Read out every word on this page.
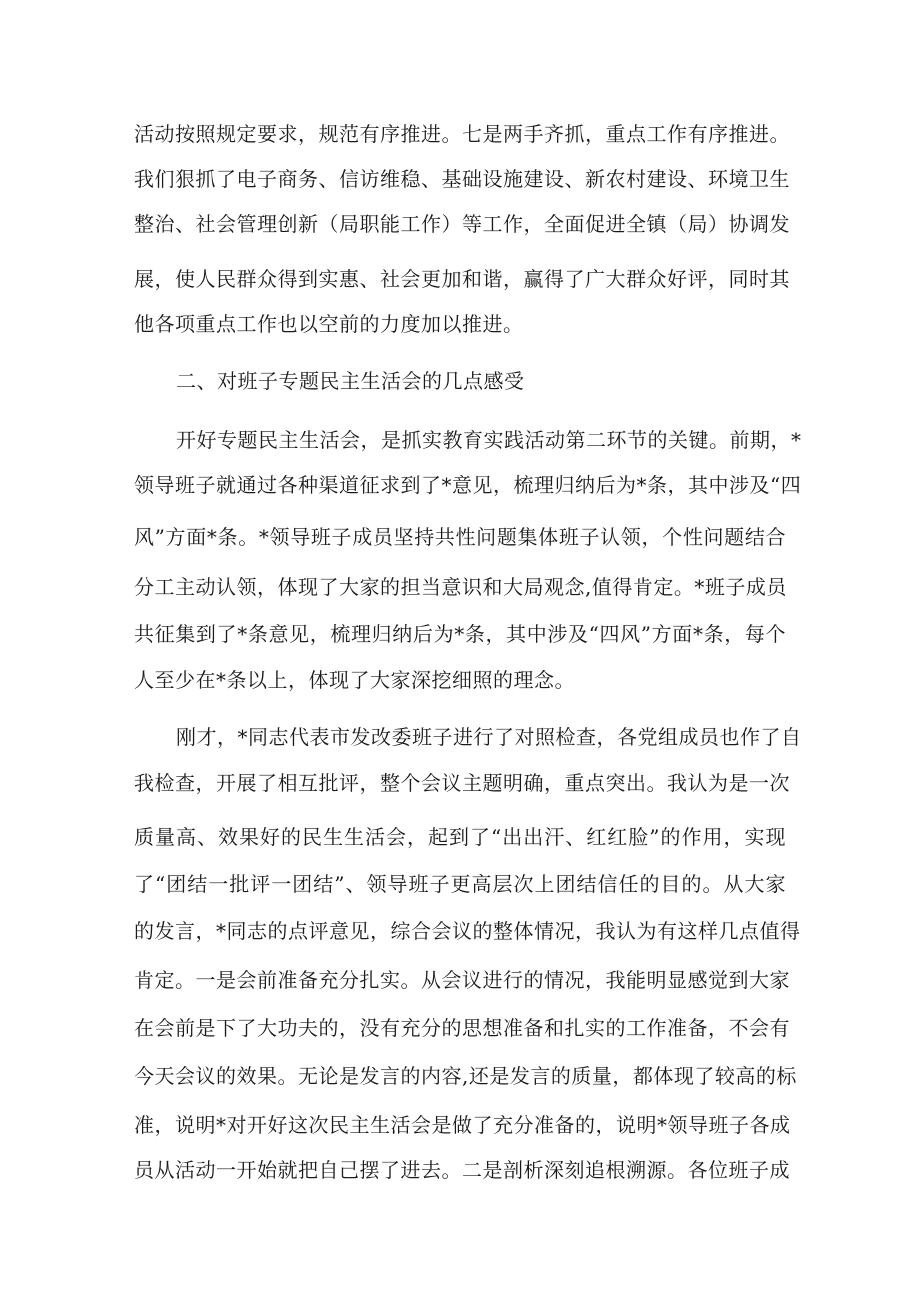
活动按照规定要求，规范有序推进。七是两手齐抓，重点工作有序推进。
我们狠抓了电子商务、信访维稳、基础设施建设、新农村建设、环境卫生
整治、社会管理创新（局职能工作）等工作，全面促进全镇（局）协调发
展，使人民群众得到实惠、社会更加和谐，赢得了广大群众好评，同时其
他各项重点工作也以空前的力度加以推进。
二、对班子专题民主生活会的几点感受
开好专题民主生活会，是抓实教育实践活动第二环节的关键。前期，*
领导班子就通过各种渠道征求到了*意见，梳理归纳后为*条，其中涉及“四
风”方面*条。*领导班子成员坚持共性问题集体班子认领，个性问题结合
分工主动认领，体现了大家的担当意识和大局观念,值得肯定。*班子成员
共征集到了*条意见，梳理归纳后为*条，其中涉及“四风”方面*条，每个
人至少在*条以上，体现了大家深挖细照的理念。
刚才，*同志代表市发改委班子进行了对照检查，各党组成员也作了自
我检查，开展了相互批评，整个会议主题明确，重点突出。我认为是一次
质量高、效果好的民生生活会，起到了“出出汗、红红脸”的作用，实现
了“团结一批评一团结”、领导班子更高层次上团结信任的目的。从大家
的发言，*同志的点评意见，综合会议的整体情况，我认为有这样几点值得
肯定。一是会前准备充分扎实。从会议进行的情况，我能明显感觉到大家
在会前是下了大功夫的，没有充分的思想准备和扎实的工作准备，不会有
今天会议的效果。无论是发言的内容,还是发言的质量，都体现了较高的标
准，说明*对开好这次民主生活会是做了充分准备的，说明*领导班子各成
员从活动一开始就把自己摆了进去。二是剖析深刻追根溯源。各位班子成
